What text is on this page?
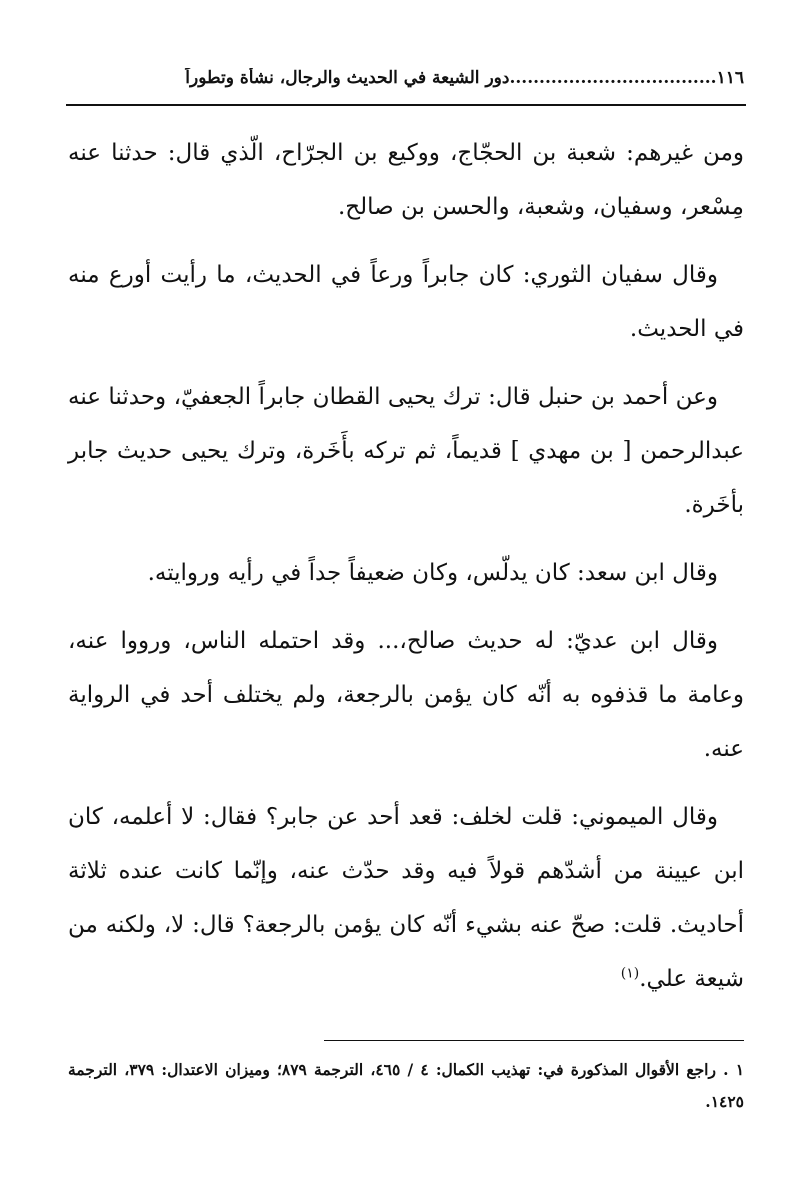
١١٦...................................دور الشيعة في الحديث والرجال، نشأة وتطوراً

ومن غيرهم: شعبة بن الحجّاج، ووكيع بن الجرّاح، الّذي قال: حدثنا عنه مِسْعر، وسفيان، وشعبة، والحسن بن صالح.

وقال سفيان الثوري: كان جابراً ورعاً في الحديث، ما رأيت أورع منه في الحديث.

وعن أحمد بن حنبل قال: ترك يحيى القطان جابراً الجعفيّ، وحدثنا عنه عبدالرحمن [ بن مهدي ] قديماً، ثم تركه بأَخَرة، وترك يحيى حديث جابر بأخَرة.

وقال ابن سعد: كان يدلّس، وكان ضعيفاً جداً في رأيه وروايته.

وقال ابن عديّ: له حديث صالح،... وقد احتمله الناس، ورووا عنه، وعامة ما قذفوه به أنّه كان يؤمن بالرجعة، ولم يختلف أحد في الرواية عنه.

وقال الميموني: قلت لخلف: قعد أحد عن جابر؟ فقال: لا أعلمه، كان ابن عيينة من أشدّهم قولاً فيه وقد حدّث عنه، وإنّما كانت عنده ثلاثة أحاديث. قلت: صحّ عنه بشيء أنّه كان يؤمن بالرجعة؟ قال: لا، ولكنه من شيعة علي.$^{(١)}$

١ . راجع الأقوال المذكورة في: تهذيب الكمال: ٤ / ٤٦٥، الترجمة ٨٧٩؛ وميزان الاعتدال: ٣٧٩، الترجمة ١٤٢٥.
